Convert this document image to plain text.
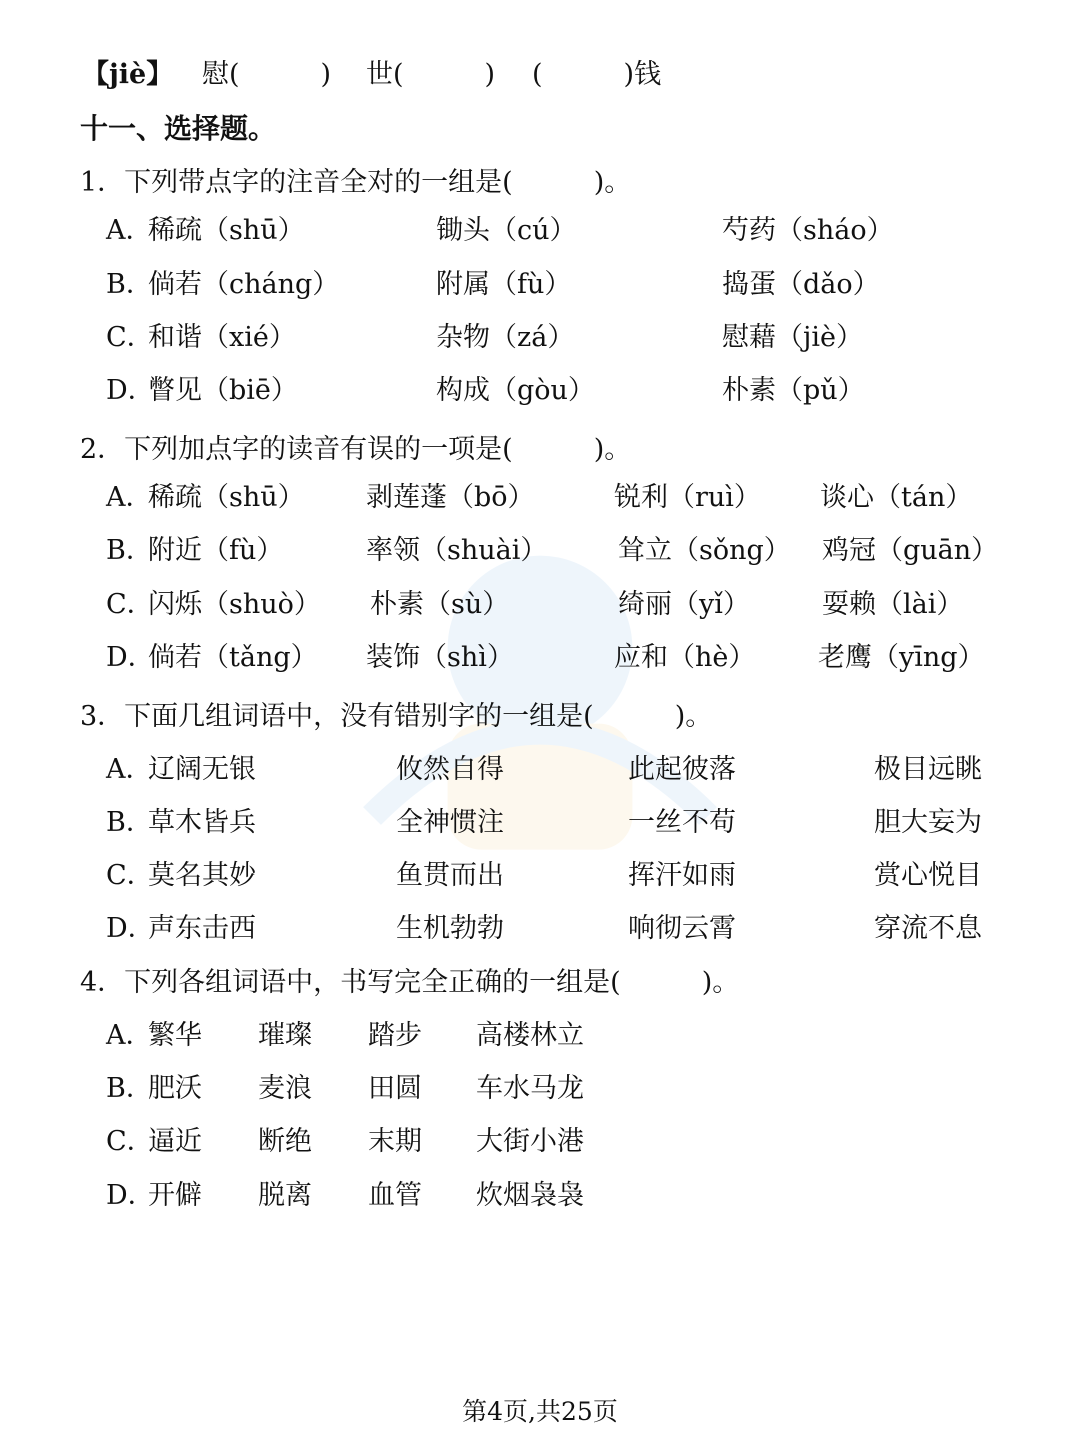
【jiè】 慰(　　　) 世(　　　) (　　　)钱
十一、选择题。
1．下列带点字的注音全对的一组是(　　　)。
A．
稀疏（shū）	锄头（cú）	芍药（sháo）
B．
倘若（cháng）	附属（fù）	捣蛋（dǎo）
C．
和谐（xié）	杂物（zá）	慰藉（jiè）
D．
瞥见（biē）	构成（gòu）	朴素（pǔ）
2．下列加点字的读音有误的一项是(　　　)。
A．
稀疏（shū） 剥莲蓬（bō）	锐利（ruì） 谈心（tán）
B．
附近（fù）	率领（shuài）	耸立（sǒng） 鸡冠（guān）
C．
闪烁（shuò） 朴素（sù）	绮丽（yǐ）	耍赖（lài）
D．
倘若（tǎng） 装饰（shì）	应和（hè） 老鹰（yīng）
3．下面几组词语中，没有错别字的一组是(　　　)。
A．
辽阔无银	攸然自得	此起彼落	极目远眺
B．
草木皆兵	全神惯注	一丝不苟	胆大妄为
C．
莫名其妙	鱼贯而出	挥汗如雨	赏心悦目
D．
声东击西	生机勃勃	响彻云霄	穿流不息
4．下列各组词语中，书写完全正确的一组是(　　　)。
A．
繁华 璀璨 踏步 高楼林立
B．
肥沃 麦浪 田圆 车水马龙
C．
逼近 断绝 末期 大街小港
D．
开僻 脱离 血管 炊烟袅袅
第4页,共25页
